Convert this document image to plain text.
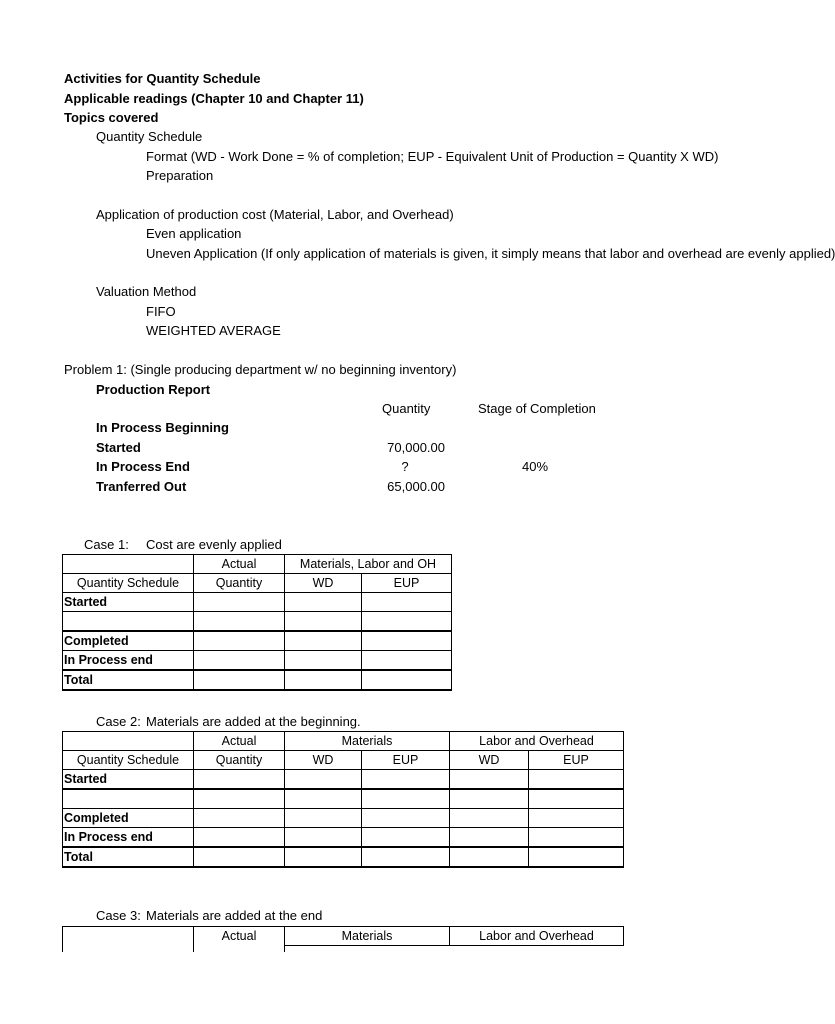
Activities for Quantity Schedule
Applicable readings (Chapter 10 and Chapter 11)
Topics covered
Quantity Schedule
Format (WD - Work Done = % of completion; EUP - Equivalent Unit of Production = Quantity X WD)
Preparation
Application of production cost (Material, Labor, and Overhead)
Even application
Uneven Application (If only application of materials is given, it simply means that labor and overhead are evenly applied)
Valuation Method
FIFO
WEIGHTED AVERAGE
Problem 1: (Single producing department w/ no beginning inventory)
Production Report
Quantity	Stage of Completion
In Process Beginning
Started	70,000.00
In Process End	?	40%
Tranferred Out	65,000.00
Case 1: Cost are evenly applied
	Actual	Materials, Labor and OH	
Quantity Schedule	Quantity	WD	EUP
Started			

Completed			
In Process end			
Total			
Case 2: Materials are added at the beginning.
	Actual	Materials		Labor and Overhead	
Quantity Schedule	Quantity	WD	EUP	WD	EUP
Started					

Completed					
In Process end					
Total					
Case 3: Materials are added at the end
	Actual	Materials	Labor and Overhead
